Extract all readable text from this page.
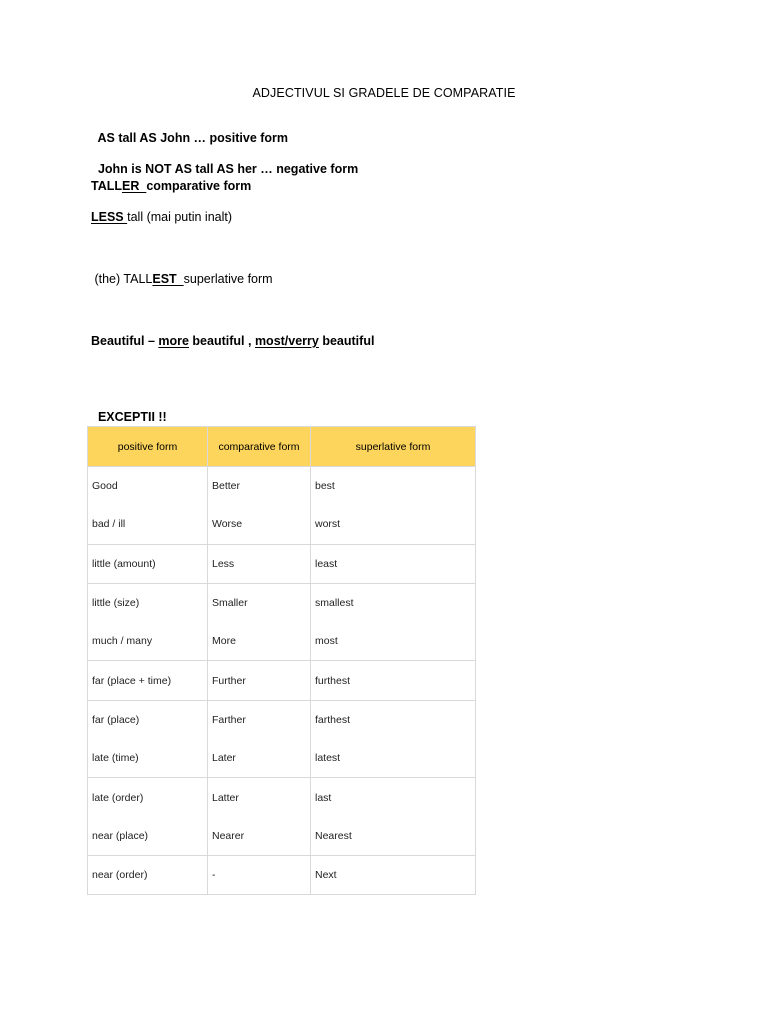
ADJECTIVUL SI GRADELE DE COMPARATIE

AS tall AS John … positive form

John is NOT AS tall AS her … negative form

TALLER  comparative form
LESS tall (mai putin inalt)
(the) TALLEST  superlative form
Beautiful – more beautiful , most/verry beautiful

EXCEPTII !!

positive form	comparative form	superlative form
Good	Better	best
bad / ill	Worse	worst
little (amount)	Less	least
little (size)	Smaller	smallest
much / many	More	most
far (place + time)	Further	furthest
far (place)	Farther	farthest
late (time)	Later	latest
late (order)	Latter	last
near (place)	Nearer	Nearest
near (order)	-	Next
